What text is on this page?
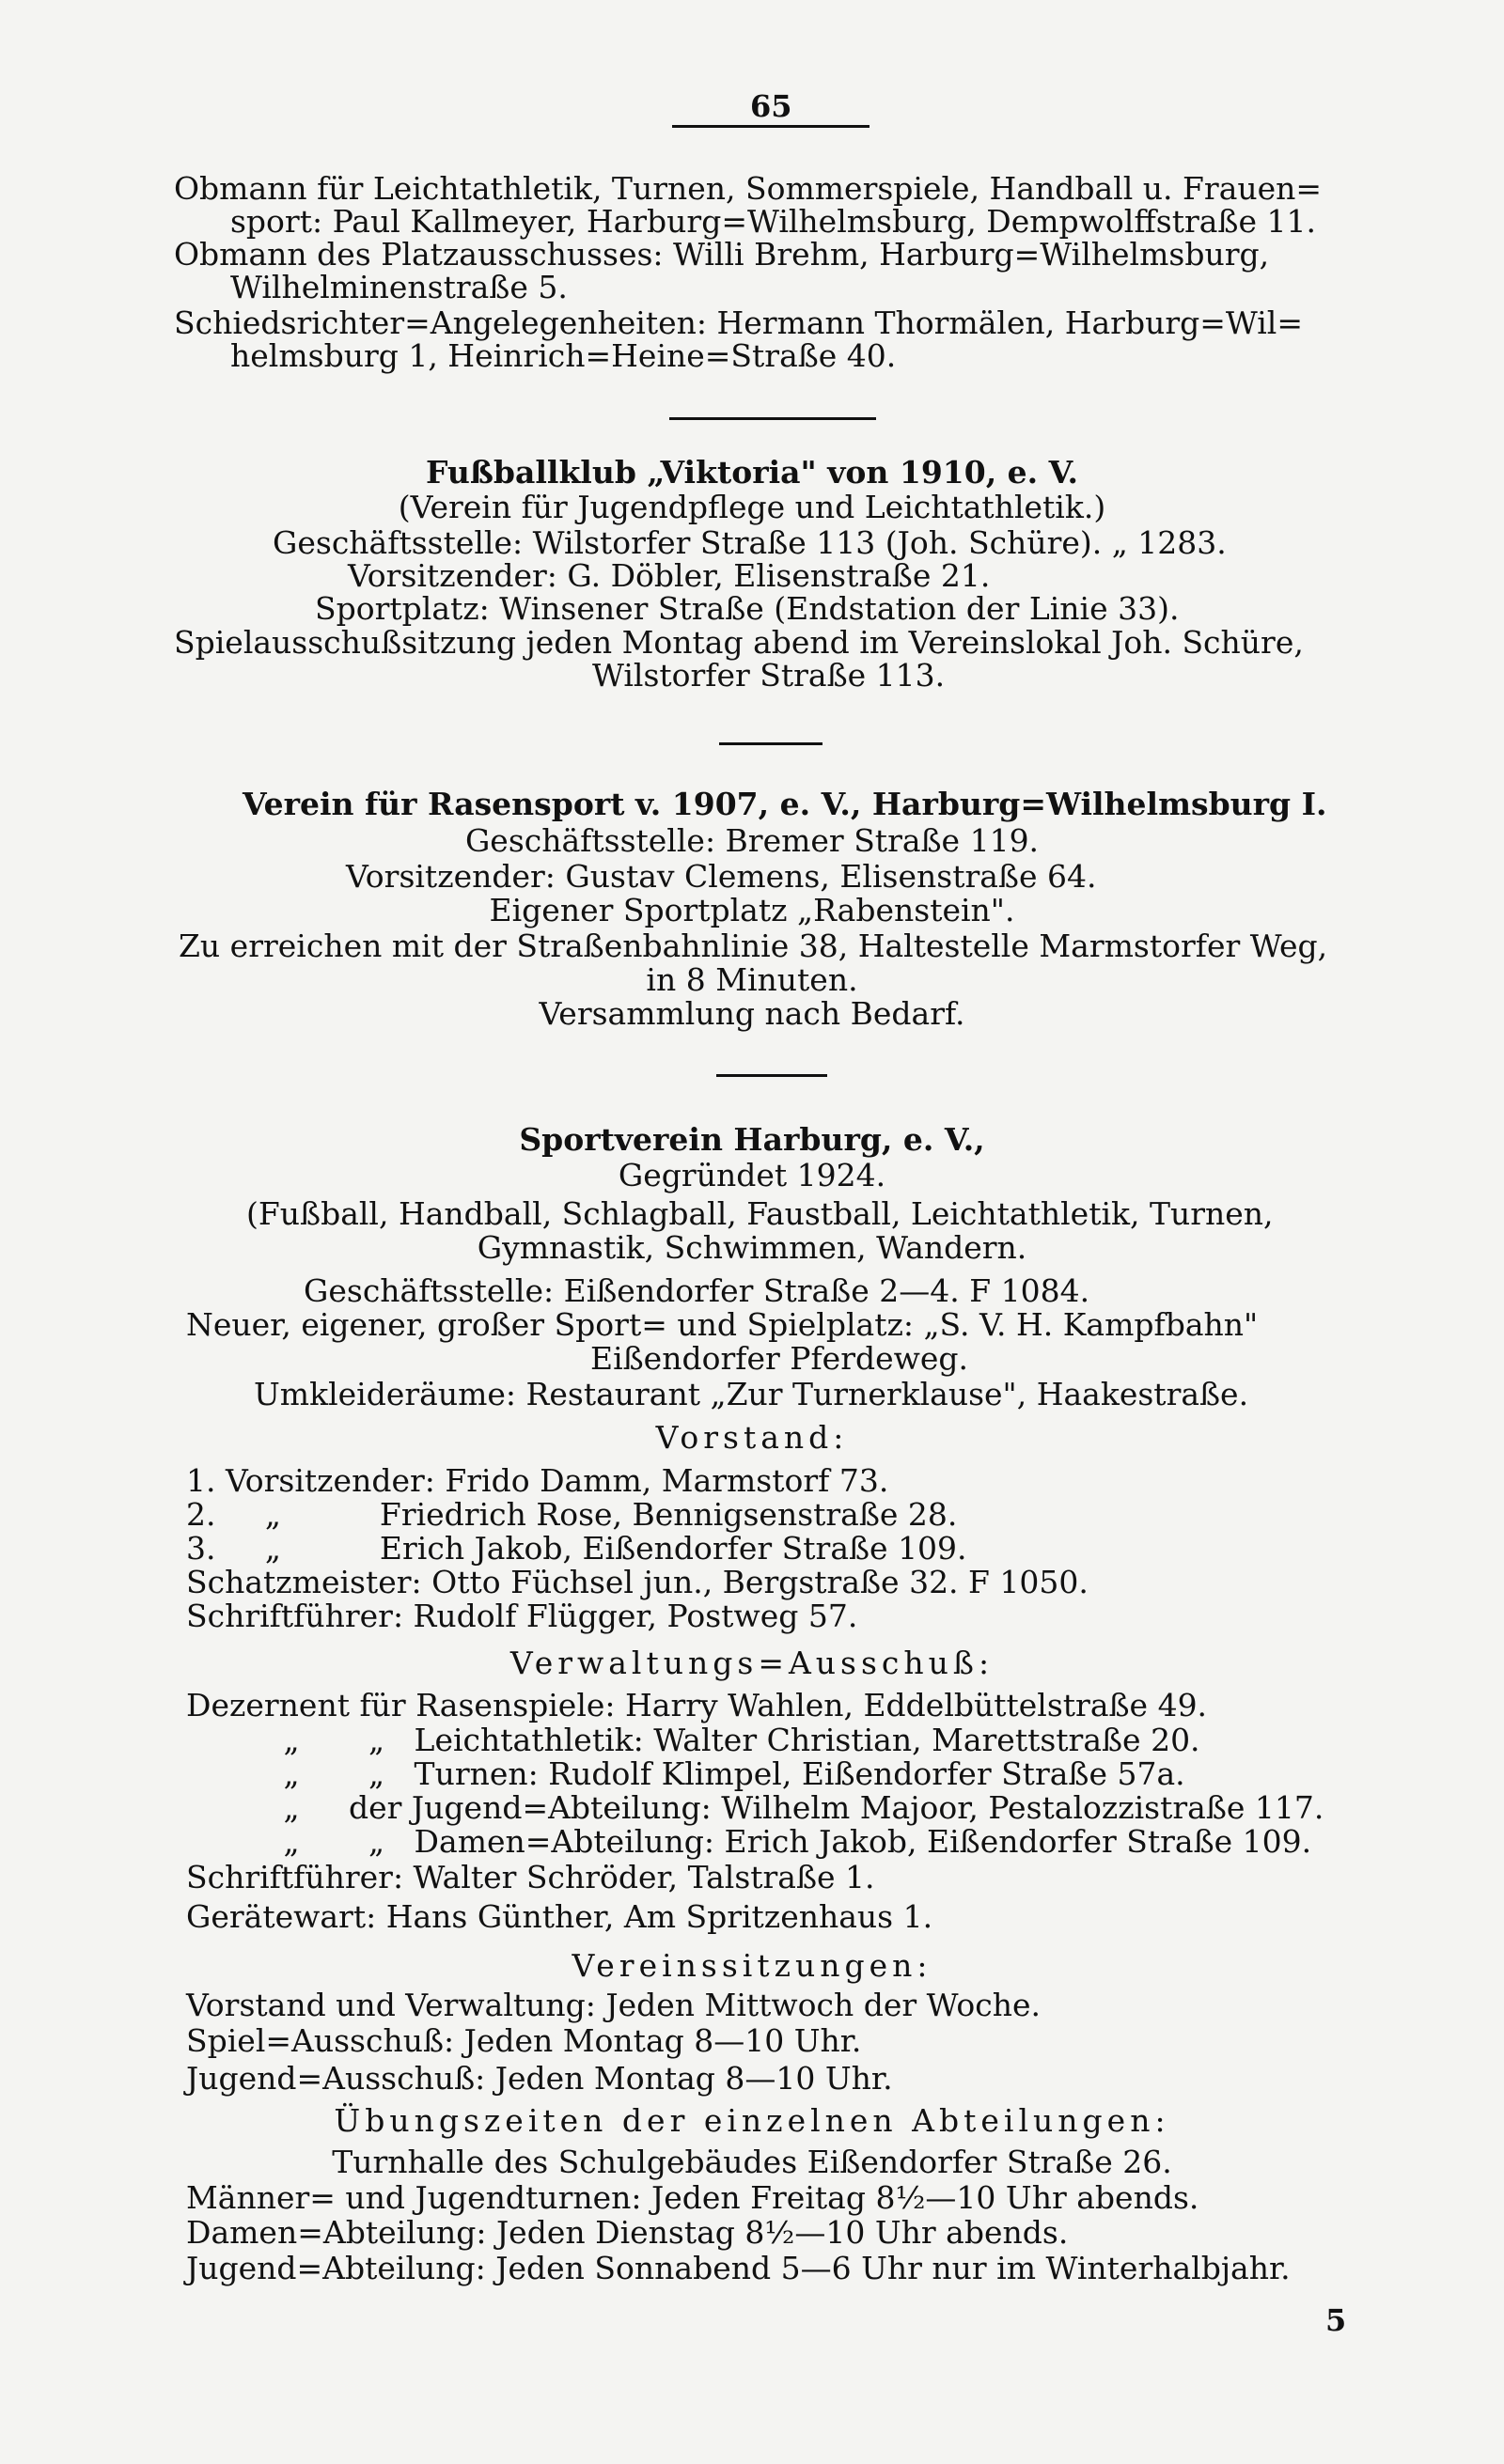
65
Obmann für Leichtathletik, Turnen, Sommerspiele, Handball u. Frauen=
sport: Paul Kallmeyer, Harburg=Wilhelmsburg, Dempwolffstraße 11.
Obmann des Platzausschusses: Willi Brehm, Harburg=Wilhelmsburg,
Wilhelminenstraße 5.
Schiedsrichter=Angelegenheiten: Hermann Thormälen, Harburg=Wil=
helmsburg 1, Heinrich=Heine=Straße 40.
Fußballklub „Viktoria" von 1910, e. V.
(Verein für Jugendpflege und Leichtathletik.)
Geschäftsstelle: Wilstorfer Straße 113 (Joh. Schüre). „ 1283.
Vorsitzender: G. Döbler, Elisenstraße 21.
Sportplatz: Winsener Straße (Endstation der Linie 33).
Spielausschußsitzung jeden Montag abend im Vereinslokal Joh. Schüre,
Wilstorfer Straße 113.
Verein für Rasensport v. 1907, e. V., Harburg=Wilhelmsburg I.
Geschäftsstelle: Bremer Straße 119.
Vorsitzender: Gustav Clemens, Elisenstraße 64.
Eigener Sportplatz „Rabenstein".
Zu erreichen mit der Straßenbahnlinie 38, Haltestelle Marmstorfer Weg,
in 8 Minuten.
Versammlung nach Bedarf.
Sportverein Harburg, e. V.,
Gegründet 1924.
(Fußball, Handball, Schlagball, Faustball, Leichtathletik, Turnen,
Gymnastik, Schwimmen, Wandern.
Geschäftsstelle: Eißendorfer Straße 2—4. F 1084.
Neuer, eigener, großer Sport= und Spielplatz: „S. V. H. Kampfbahn"
Eißendorfer Pferdeweg.
Umkleideräume: Restaurant „Zur Turnerklause", Haakestraße.
Vorstand:
1. Vorsitzender: Frido Damm, Marmstorf 73.
2.     „          Friedrich Rose, Bennigsenstraße 28.
3.     „          Erich Jakob, Eißendorfer Straße 109.
Schatzmeister: Otto Füchsel jun., Bergstraße 32. F 1050.
Schriftführer: Rudolf Flügger, Postweg 57.
Verwaltungs=Ausschuß:
Dezernent für Rasenspiele: Harry Wahlen, Eddelbüttelstraße 49.
„       „   Leichtathletik: Walter Christian, Marettstraße 20.
„       „   Turnen: Rudolf Klimpel, Eißendorfer Straße 57a.
„     der Jugend=Abteilung: Wilhelm Majoor, Pestalozzistraße 117.
„       „   Damen=Abteilung: Erich Jakob, Eißendorfer Straße 109.
Schriftführer: Walter Schröder, Talstraße 1.
Gerätewart: Hans Günther, Am Spritzenhaus 1.
Vereinssitzungen:
Vorstand und Verwaltung: Jeden Mittwoch der Woche.
Spiel=Ausschuß: Jeden Montag 8—10 Uhr.
Jugend=Ausschuß: Jeden Montag 8—10 Uhr.
Übungszeiten der einzelnen Abteilungen:
Turnhalle des Schulgebäudes Eißendorfer Straße 26.
Männer= und Jugendturnen: Jeden Freitag 8½—10 Uhr abends.
Damen=Abteilung: Jeden Dienstag 8½—10 Uhr abends.
Jugend=Abteilung: Jeden Sonnabend 5—6 Uhr nur im Winterhalbjahr.
5
